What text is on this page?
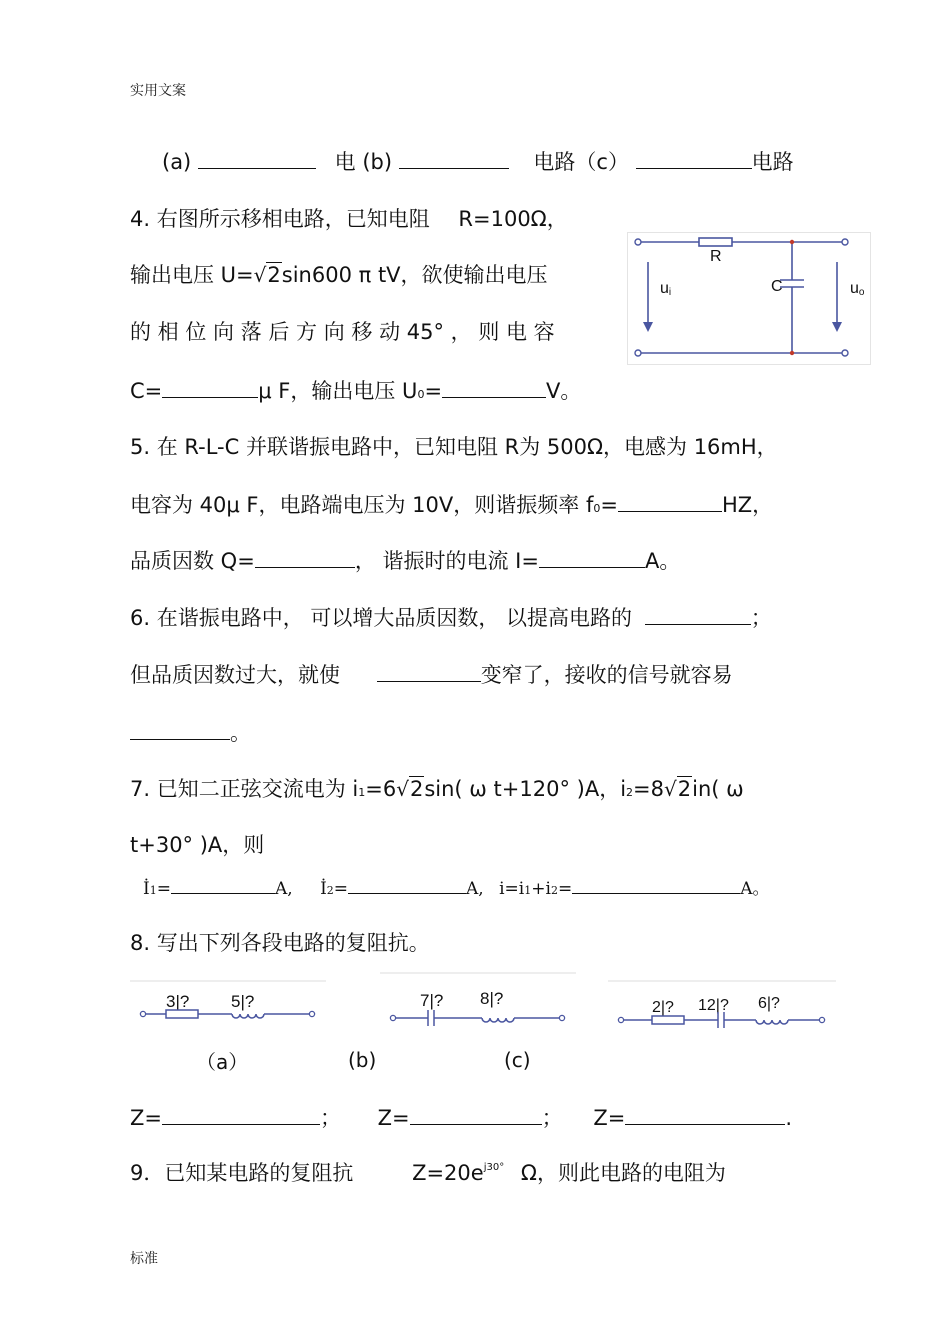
实用文案
标准
(a)	电 (b)	电路（c）	电路
4. 右图所示移相电路，已知电阻 R=100Ω，
输出电压 U=√2sin600 π tV，欲使输出电压
的 相 位 向 落 后 方 向 移 动 45° ， 则 电 容
C=	μ F，输出电压 U0=	V。
R
C
ui	uo
5. 在 R-L-C 并联谐振电路中，已知电阻 R为 500Ω，电感为 16mH，
电容为 40μ F，电路端电压为 10V，则谐振频率 f0=	HZ，
品质因数 Q=	， 谐振时的电流 I=	A。
6. 在谐振电路中， 可以增大品质因数， 以提高电路的	；
但品质因数过大，就使	变窄了，接收的信号就容易
。
7. 已知二正弦交流电为 i1=6√2sin( ω t+120° )A，i2=8√2in( ω
t+30° )A，则
İ1=	A, İ2=	A, i=i1+i2=	A。
8. 写出下列各段电路的复阻抗。
3|? 5|?	7|? 8|?	2|? 12|? 6|?
（a）	(b)	(c)
Z=	； Z=	； Z=	.
9．已知某电路的复阻抗	$Z=20e^{j30^\circ}$ Ω，则此电路的电阻为
